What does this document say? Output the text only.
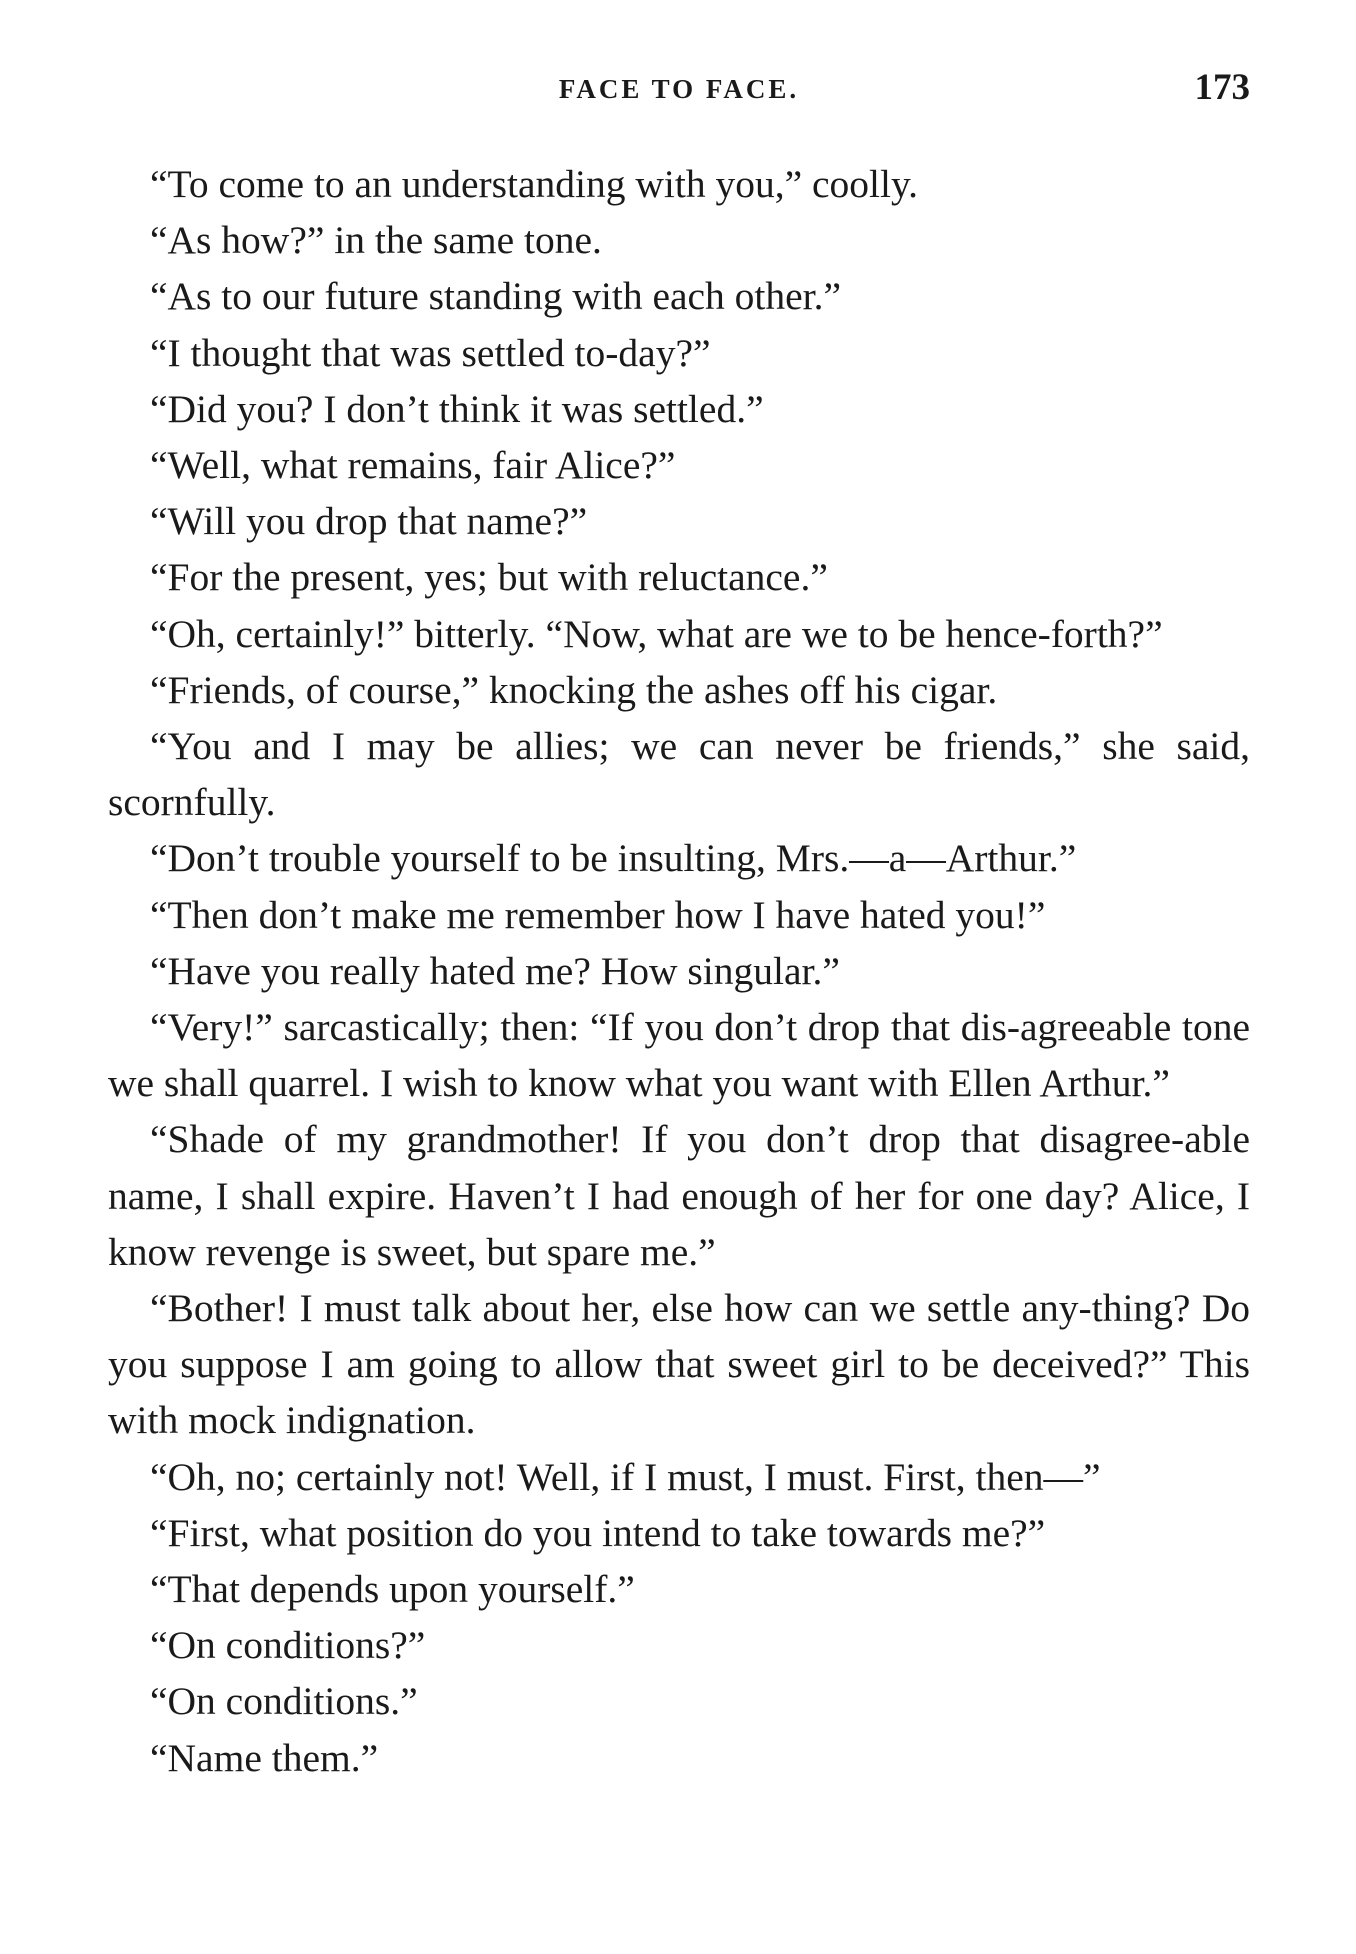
FACE TO FACE.	173

“To come to an understanding with you,” coolly.

“As how?” in the same tone.

“As to our future standing with each other.”

“I thought that was settled to-day?”

“Did you? I don’t think it was settled.”

“Well, what remains, fair Alice?”

“Will you drop that name?”

“For the present, yes; but with reluctance.”

“Oh, certainly!” bitterly. “Now, what are we to be hence-forth?”

“Friends, of course,” knocking the ashes off his cigar.

“You and I may be allies; we can never be friends,” she said, scornfully.

“Don’t trouble yourself to be insulting, Mrs.—a—Arthur.”

“Then don’t make me remember how I have hated you!”

“Have you really hated me? How singular.”

“Very!” sarcastically; then: “If you don’t drop that dis-agreeable tone we shall quarrel. I wish to know what you want with Ellen Arthur.”

“Shade of my grandmother! If you don’t drop that disagree-able name, I shall expire. Haven’t I had enough of her for one day? Alice, I know revenge is sweet, but spare me.”

“Bother! I must talk about her, else how can we settle any-thing? Do you suppose I am going to allow that sweet girl to be deceived?” This with mock indignation.

“Oh, no; certainly not! Well, if I must, I must. First, then—”

“First, what position do you intend to take towards me?”

“That depends upon yourself.”

“On conditions?”

“On conditions.”

“Name them.”
